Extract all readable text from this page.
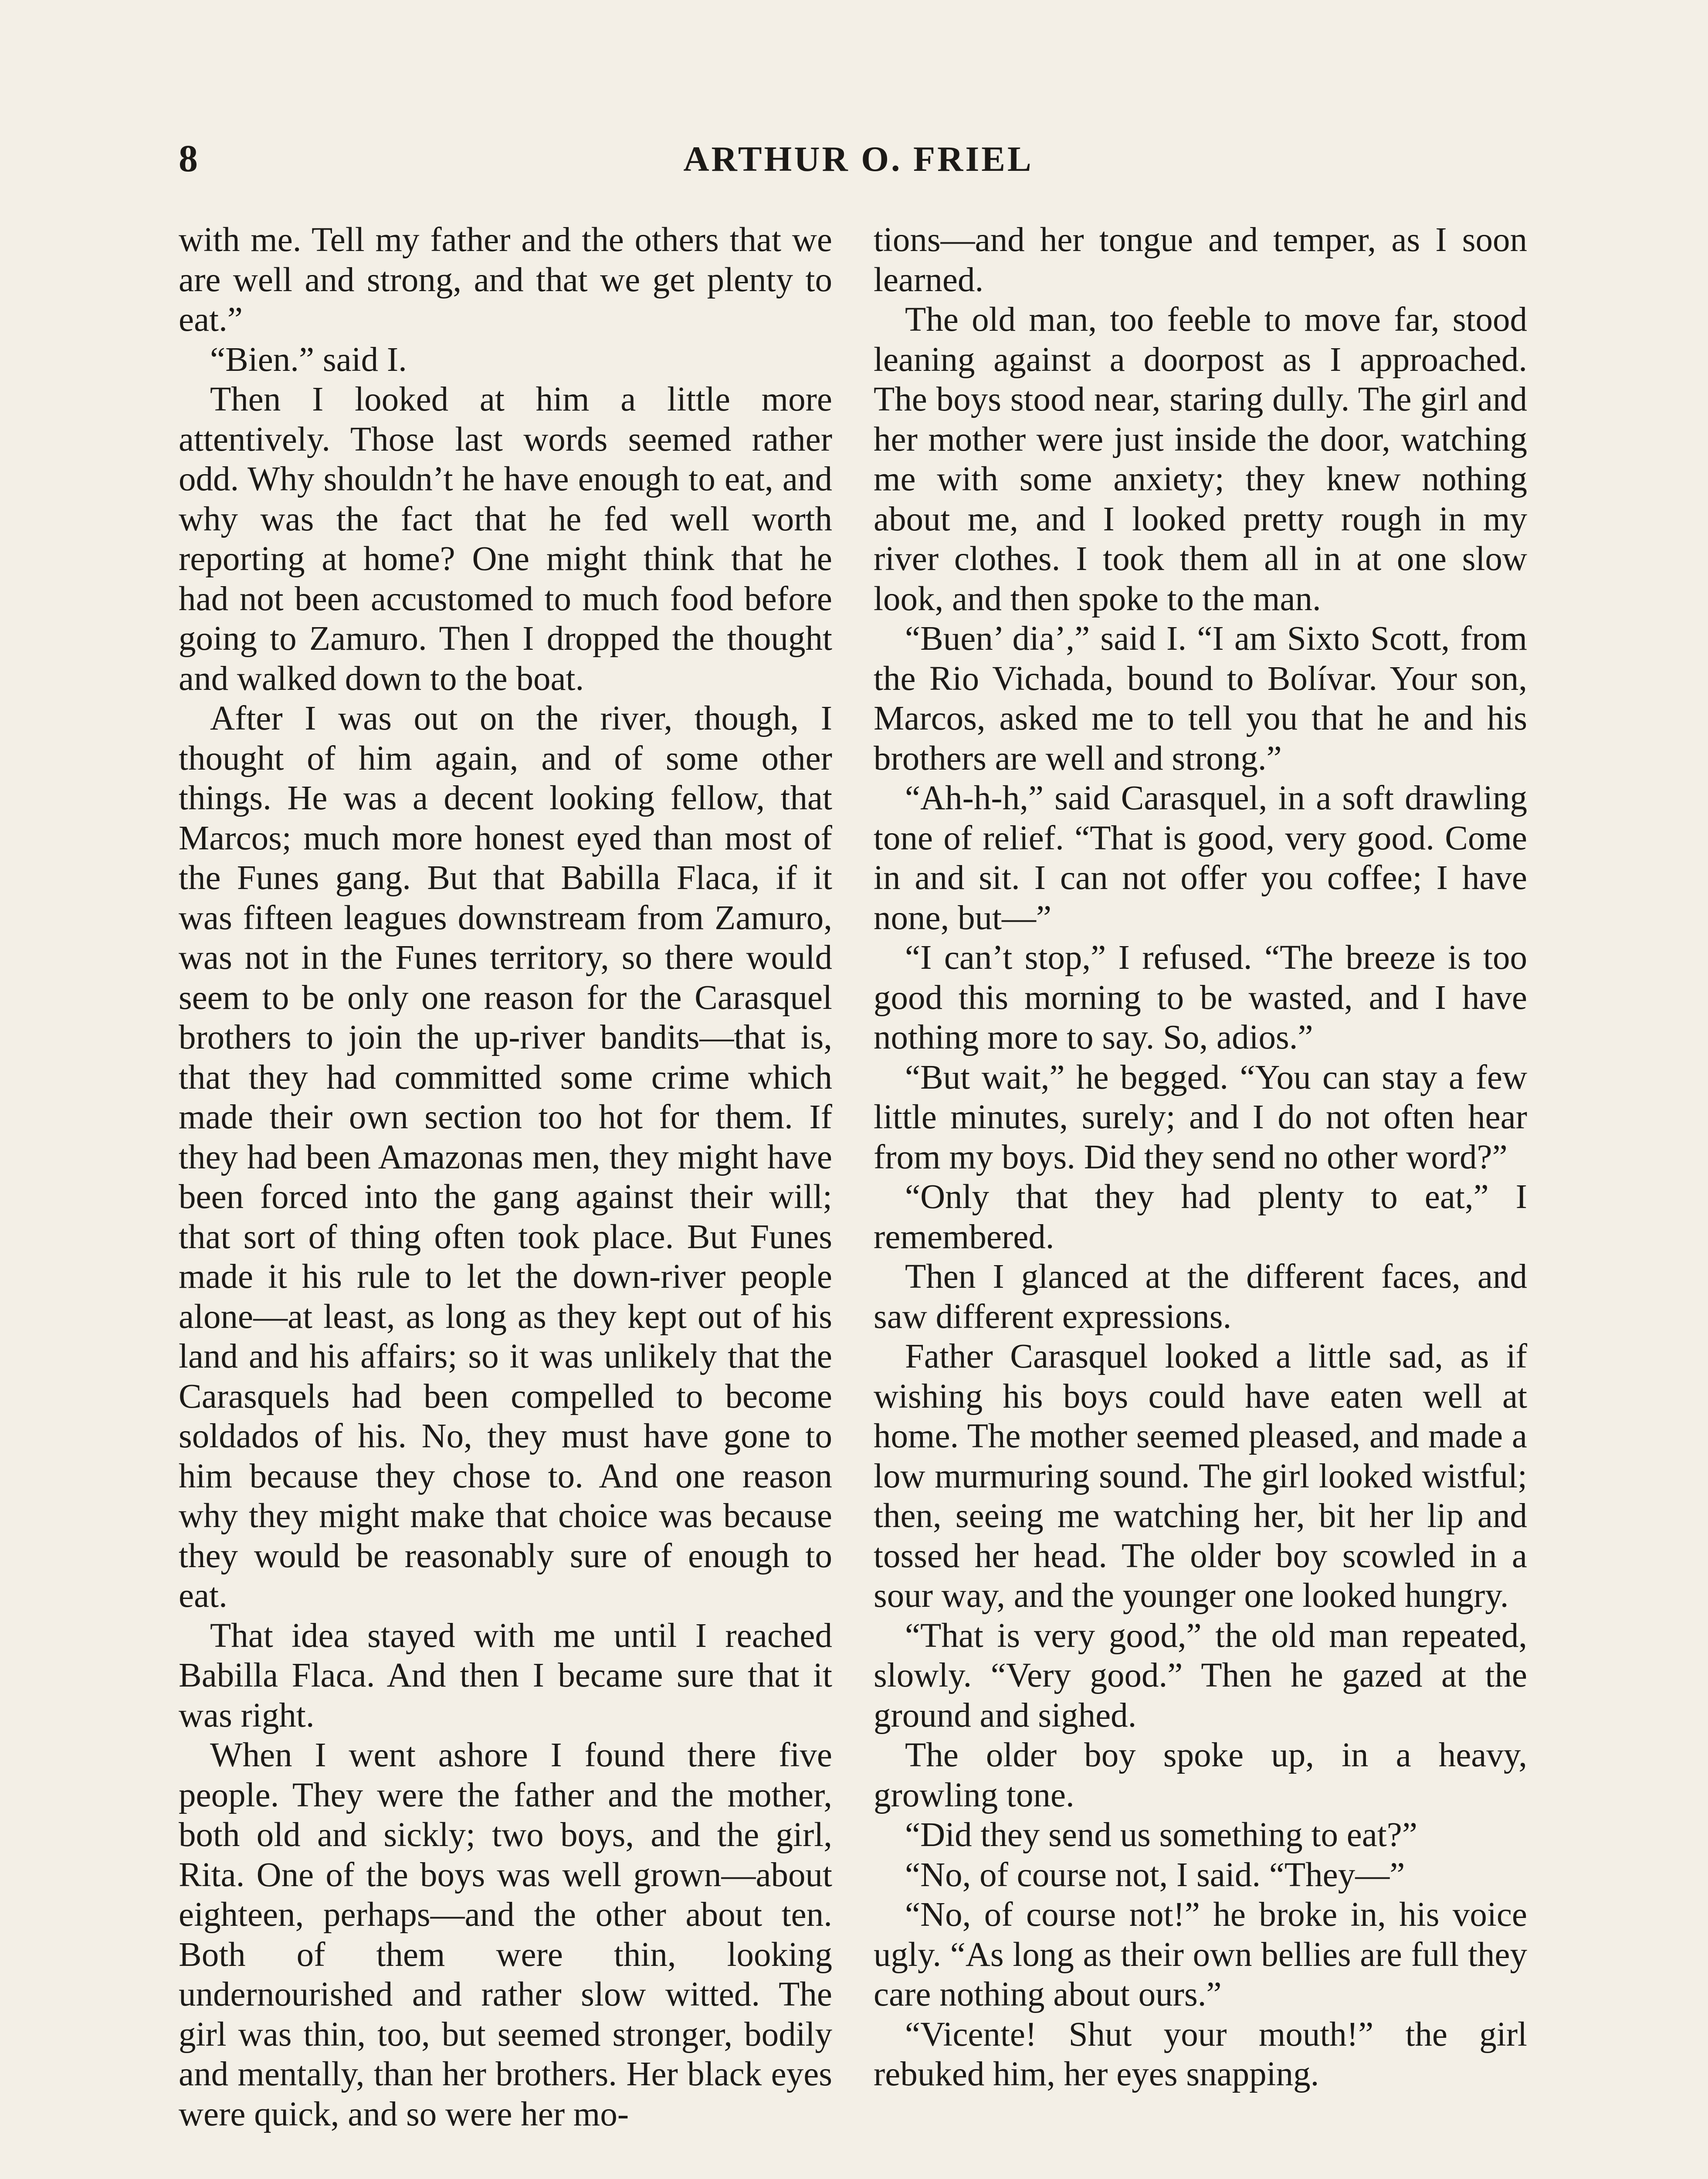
8	ARTHUR O. FRIEL

with me. Tell my father and the others that we are well and strong, and that we get plenty to eat.”

“Bien.” said I.

Then I looked at him a little more attentively. Those last words seemed rather odd. Why shouldn’t he have enough to eat, and why was the fact that he fed well worth reporting at home? One might think that he had not been accustomed to much food before going to Zamuro. Then I dropped the thought and walked down to the boat.

After I was out on the river, though, I thought of him again, and of some other things. He was a decent looking fellow, that Marcos; much more honest eyed than most of the Funes gang. But that Babilla Flaca, if it was fifteen leagues downstream from Zamuro, was not in the Funes territory, so there would seem to be only one reason for the Carasquel brothers to join the up-river bandits—that is, that they had committed some crime which made their own section too hot for them. If they had been Amazonas men, they might have been forced into the gang against their will; that sort of thing often took place. But Funes made it his rule to let the down-river people alone—at least, as long as they kept out of his land and his affairs; so it was unlikely that the Carasquels had been compelled to become soldados of his. No, they must have gone to him because they chose to. And one reason why they might make that choice was because they would be reasonably sure of enough to eat.

That idea stayed with me until I reached Babilla Flaca. And then I became sure that it was right.

When I went ashore I found there five people. They were the father and the mother, both old and sickly; two boys, and the girl, Rita. One of the boys was well grown—about eighteen, perhaps—and the other about ten. Both of them were thin, looking undernourished and rather slow witted. The girl was thin, too, but seemed stronger, bodily and mentally, than her brothers. Her black eyes were quick, and so were her mo-

tions—and her tongue and temper, as I soon learned.

The old man, too feeble to move far, stood leaning against a doorpost as I approached. The boys stood near, staring dully. The girl and her mother were just inside the door, watching me with some anxiety; they knew nothing about me, and I looked pretty rough in my river clothes. I took them all in at one slow look, and then spoke to the man.

“Buen’ dia’,” said I. “I am Sixto Scott, from the Rio Vichada, bound to Bolívar. Your son, Marcos, asked me to tell you that he and his brothers are well and strong.”

“Ah-h-h,” said Carasquel, in a soft drawling tone of relief. “That is good, very good. Come in and sit. I can not offer you coffee; I have none, but—”

“I can’t stop,” I refused. “The breeze is too good this morning to be wasted, and I have nothing more to say. So, adios.”

“But wait,” he begged. “You can stay a few little minutes, surely; and I do not often hear from my boys. Did they send no other word?”

“Only that they had plenty to eat,” I remembered.

Then I glanced at the different faces, and saw different expressions.

Father Carasquel looked a little sad, as if wishing his boys could have eaten well at home. The mother seemed pleased, and made a low murmuring sound. The girl looked wistful; then, seeing me watching her, bit her lip and tossed her head. The older boy scowled in a sour way, and the younger one looked hungry.

“That is very good,” the old man repeated, slowly. “Very good.” Then he gazed at the ground and sighed.

The older boy spoke up, in a heavy, growling tone.

“Did they send us something to eat?”

“No, of course not, I said. “They—”

“No, of course not!” he broke in, his voice ugly. “As long as their own bellies are full they care nothing about ours.”

“Vicente! Shut your mouth!” the girl rebuked him, her eyes snapping.
